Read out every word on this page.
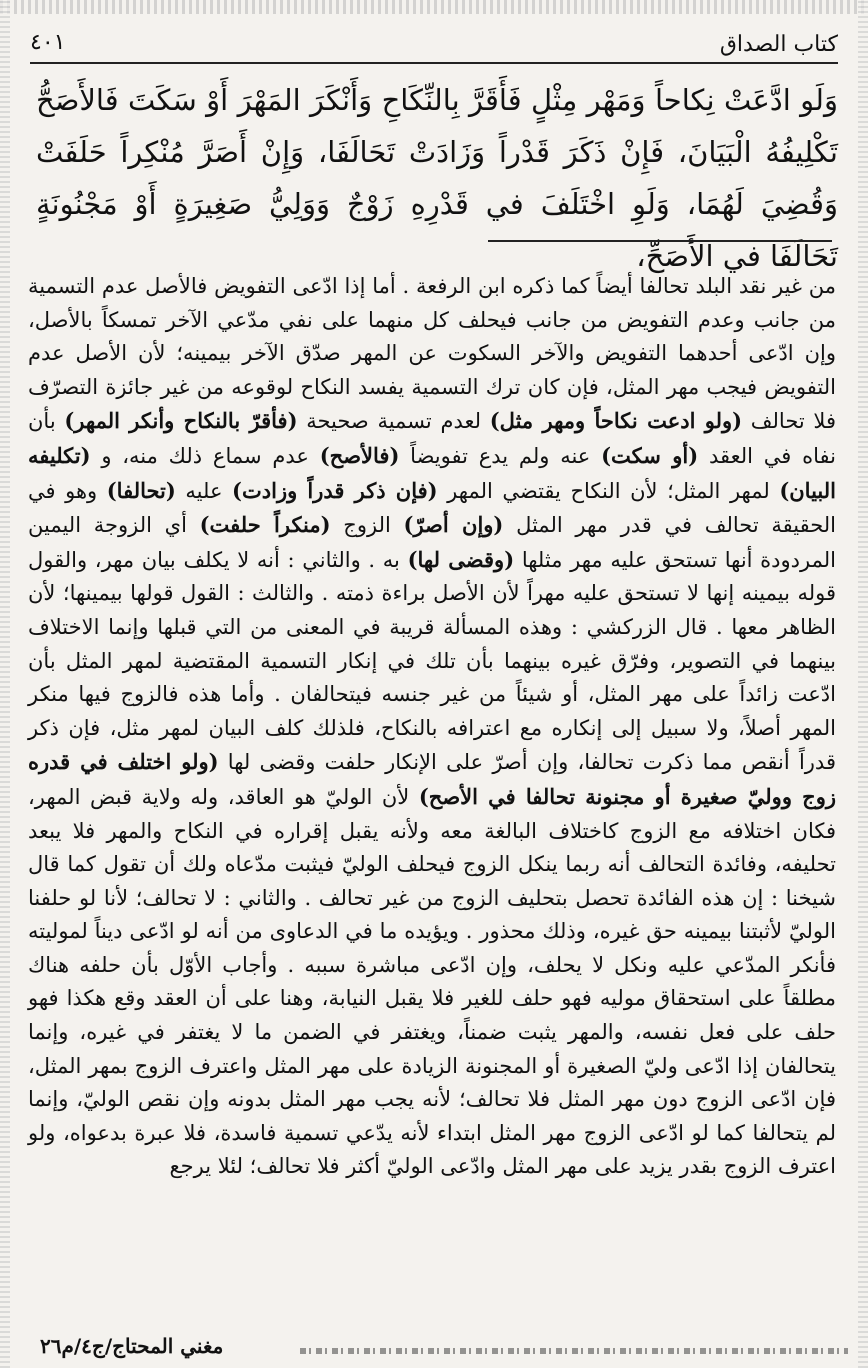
كتاب الصداق
٤٠١

وَلَو ادَّعَتْ نِكاحاً وَمَهْر مِثْلٍ فَأَقَرَّ بِالنِّكَاحِ وَأَنْكَرَ المَهْرَ أَوْ سَكَتَ فَالأَصَحُّ تَكْلِيفُهُ الْبَيَانَ، فَإِنْ ذَكَرَ قَدْراً وَزَادَتْ تَحَالَفَا، وَإِنْ أَصَرَّ مُنْكِراً حَلَفَتْ وَقُضِيَ لَهُمَا، وَلَوِ اخْتَلَفَ في قَدْرِهِ زَوْجٌ وَوَلِيُّ صَغِيرَةٍ أَوْ مَجْنُونَةٍ تَحَالَفَا في الأَصَحِّ،

من غير نقد البلد تحالفا أيضاً كما ذكره ابن الرفعة . أما إذا ادّعى التفويض فالأصل عدم التسمية من جانب وعدم التفويض من جانب فيحلف كل منهما على نفي مدّعي الآخر تمسكاً بالأصل، وإن ادّعى أحدهما التفويض والآخر السكوت عن المهر صدّق الآخر بيمينه؛ لأن الأصل عدم التفويض فيجب مهر المثل، فإن كان ترك التسمية يفسد النكاح لوقوعه من غير جائزة التصرّف فلا تحالف (ولو ادعت نكاحاً ومهر مثل) لعدم تسمية صحيحة (فأقرّ بالنكاح وأنكر المهر) بأن نفاه في العقد (أو سكت) عنه ولم يدع تفويضاً (فالأصح) عدم سماع ذلك منه، و (تكليفه البيان) لمهر المثل؛ لأن النكاح يقتضي المهر (فإن ذكر قدراً وزادت) عليه (تحالفا) وهو في الحقيقة تحالف في قدر مهر المثل (وإن أصرّ) الزوج (منكراً حلفت) أي الزوجة اليمين المردودة أنها تستحق عليه مهر مثلها (وقضى لها) به . والثاني : أنه لا يكلف بيان مهر، والقول قوله بيمينه إنها لا تستحق عليه مهراً لأن الأصل براءة ذمته . والثالث : القول قولها بيمينها؛ لأن الظاهر معها . قال الزركشي : وهذه المسألة قريبة في المعنى من التي قبلها وإنما الاختلاف بينهما في التصوير، وفرّق غيره بينهما بأن تلك في إنكار التسمية المقتضية لمهر المثل بأن ادّعت زائداً على مهر المثل، أو شيئاً من غير جنسه فيتحالفان . وأما هذه فالزوج فيها منكر المهر أصلاً، ولا سبيل إلى إنكاره مع اعترافه بالنكاح، فلذلك كلف البيان لمهر مثل، فإن ذكر قدراً أنقص مما ذكرت تحالفا، وإن أصرّ على الإنكار حلفت وقضى لها (ولو اختلف في قدره زوج ووليّ صغيرة أو مجنونة تحالفا في الأصح) لأن الوليّ هو العاقد، وله ولاية قبض المهر، فكان اختلافه مع الزوج كاختلاف البالغة معه ولأنه يقبل إقراره في النكاح والمهر فلا يبعد تحليفه، وفائدة التحالف أنه ربما ينكل الزوج فيحلف الوليّ فيثبت مدّعاه ولك أن تقول كما قال شيخنا : إن هذه الفائدة تحصل بتحليف الزوج من غير تحالف . والثاني : لا تحالف؛ لأنا لو حلفنا الوليّ لأثبتنا بيمينه حق غيره، وذلك محذور . ويؤيده ما في الدعاوى من أنه لو ادّعى ديناً لموليته فأنكر المدّعي عليه ونكل لا يحلف، وإن ادّعى مباشرة سببه . وأجاب الأوّل بأن حلفه هناك مطلقاً على استحقاق موليه فهو حلف للغير فلا يقبل النيابة، وهنا على أن العقد وقع هكذا فهو حلف على فعل نفسه، والمهر يثبت ضمناً، ويغتفر في الضمن ما لا يغتفر في غيره، وإنما يتحالفان إذا ادّعى وليّ الصغيرة أو المجنونة الزيادة على مهر المثل واعترف الزوج بمهر المثل، فإن ادّعى الزوج دون مهر المثل فلا تحالف؛ لأنه يجب مهر المثل بدونه وإن نقص الوليّ، وإنما لم يتحالفا كما لو ادّعى الزوج مهر المثل ابتداء لأنه يدّعي تسمية فاسدة، فلا عبرة بدعواه، ولو اعترف الزوج بقدر يزيد على مهر المثل وادّعى الوليّ أكثر فلا تحالف؛ لئلا يرجع

مغني المحتاج/ج٤/م٢٦
